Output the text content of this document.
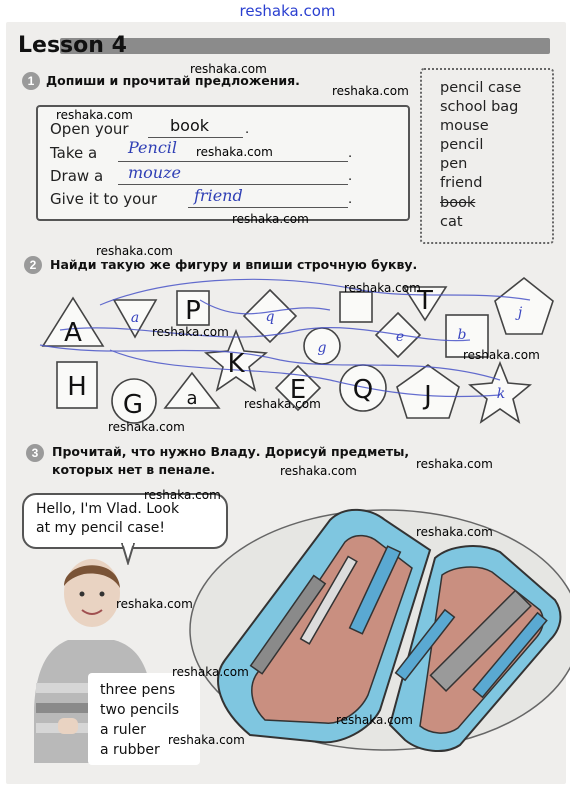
reshaka.com
Lesson 4
1 Допиши и прочитай предложения.
Open your	book .
Take a Pencil	.
Draw a mouze	.
Give it to your friend	.
pencil case
school bag
mouse
pencil
pen
friend
book
cat
2	Найди такую же фигуру и впиши строчную букву.
A
P	T
H
G
K
E Q J
a
a	q
e
g
b
j
k
3	Прочитай, что нужно Владу. Дорисуй предметы,
которых нет в пенале.
Hello, I'm Vlad. Look
at my pencil case!
three pens
two pencils
a ruler
a rubber
reshaka.com
reshaka.com
reshaka.com
reshaka.com
reshaka.com
reshaka.com
reshaka.com
reshaka.com
reshaka.com
reshaka.com
reshaka.com
reshaka.com
reshaka.com
reshaka.com
reshaka.com
reshaka.com
reshaka.com
reshaka.com
reshaka.com
